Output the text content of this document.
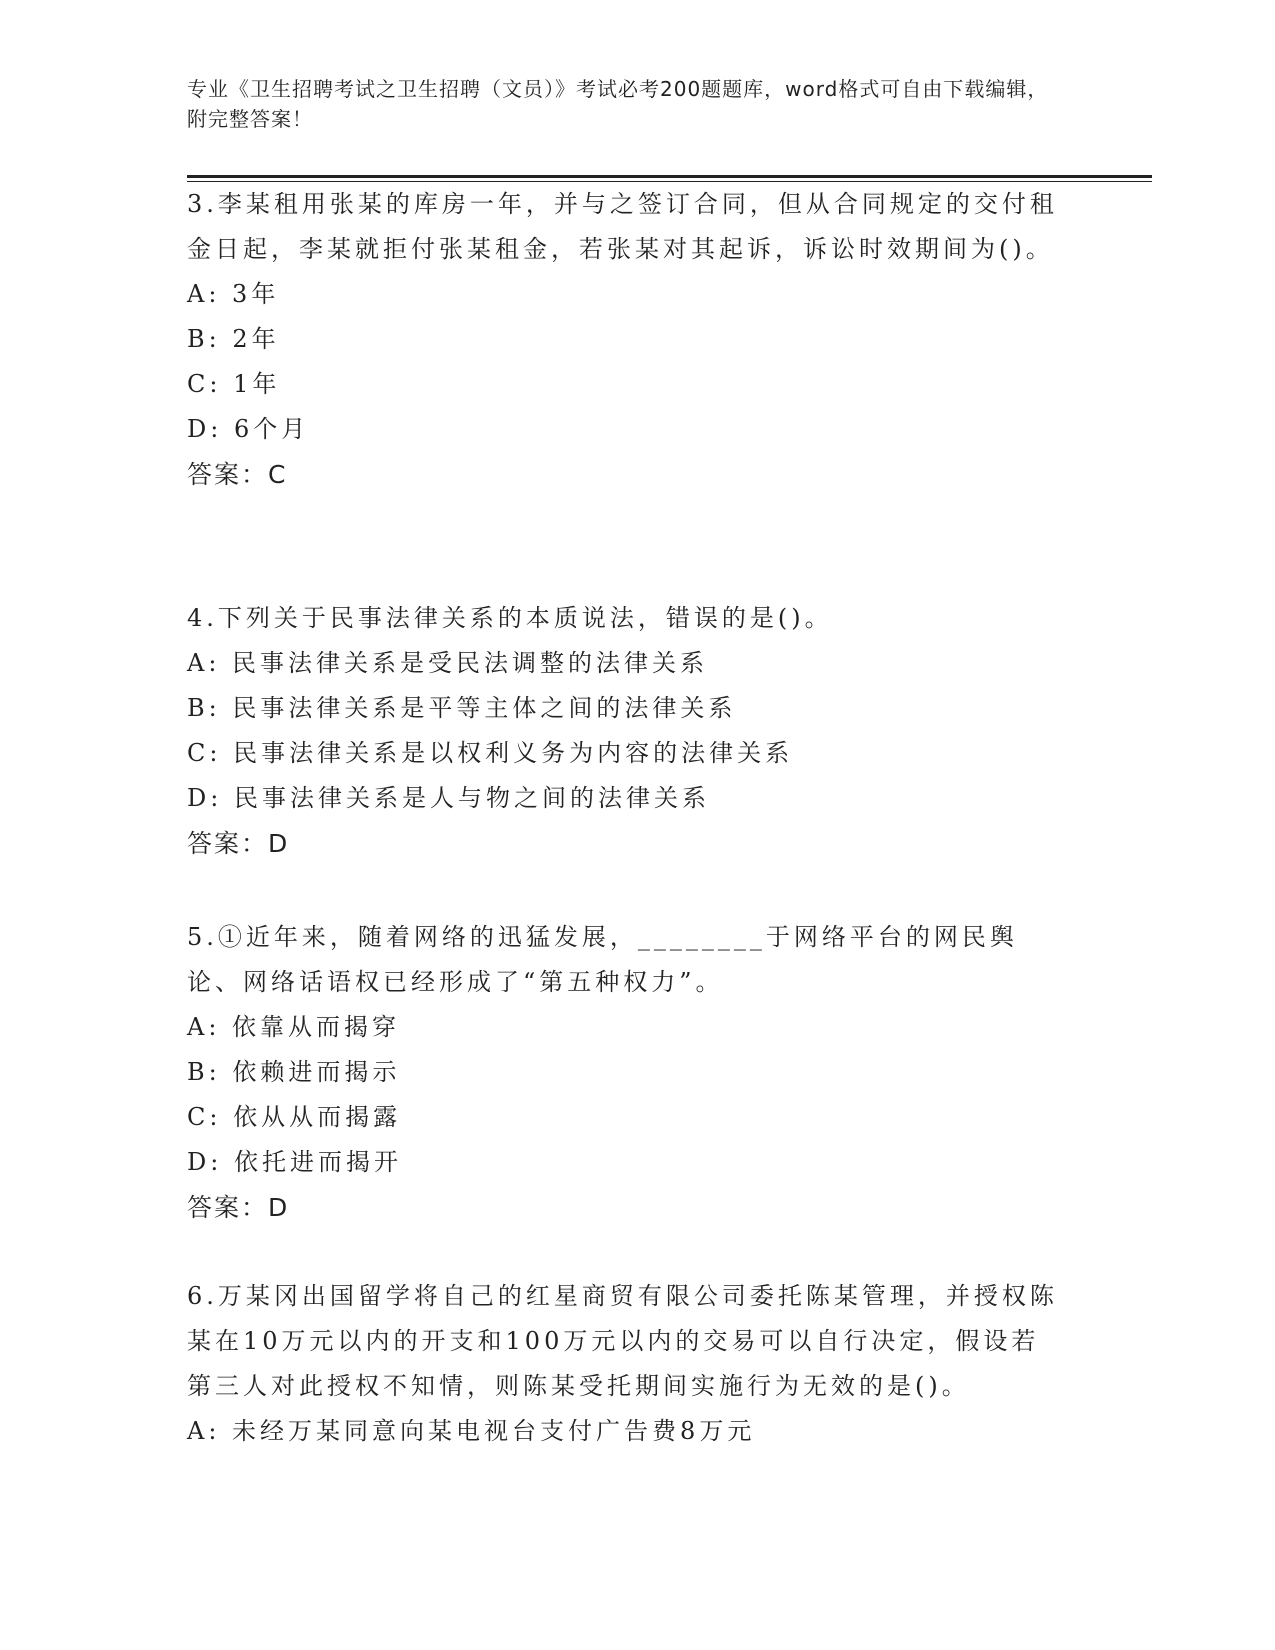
专业《卫生招聘考试之卫生招聘（文员）》考试必考200题题库，word格式可自由下载编辑，附完整答案！
3.李某租用张某的库房一年，并与之签订合同，但从合同规定的交付租金日起，李某就拒付张某租金，若张某对其起诉，诉讼时效期间为()。
A: 3年
B: 2年
C: 1年
D: 6个月
答案：C
4.下列关于民事法律关系的本质说法，错误的是()。
A: 民事法律关系是受民法调整的法律关系
B: 民事法律关系是平等主体之间的法律关系
C: 民事法律关系是以权利义务为内容的法律关系
D: 民事法律关系是人与物之间的法律关系
答案：D
5.①近年来，随着网络的迅猛发展，________于网络平台的网民舆论、网络话语权已经形成了“第五种权力”。
A: 依靠从而揭穿
B: 依赖进而揭示
C: 依从从而揭露
D: 依托进而揭开
答案：D
6.万某冈出国留学将自己的红星商贸有限公司委托陈某管理，并授权陈某在10万元以内的开支和100万元以内的交易可以自行决定，假设若第三人对此授权不知情，则陈某受托期间实施行为无效的是()。
A: 未经万某同意向某电视台支付广告费8万元
